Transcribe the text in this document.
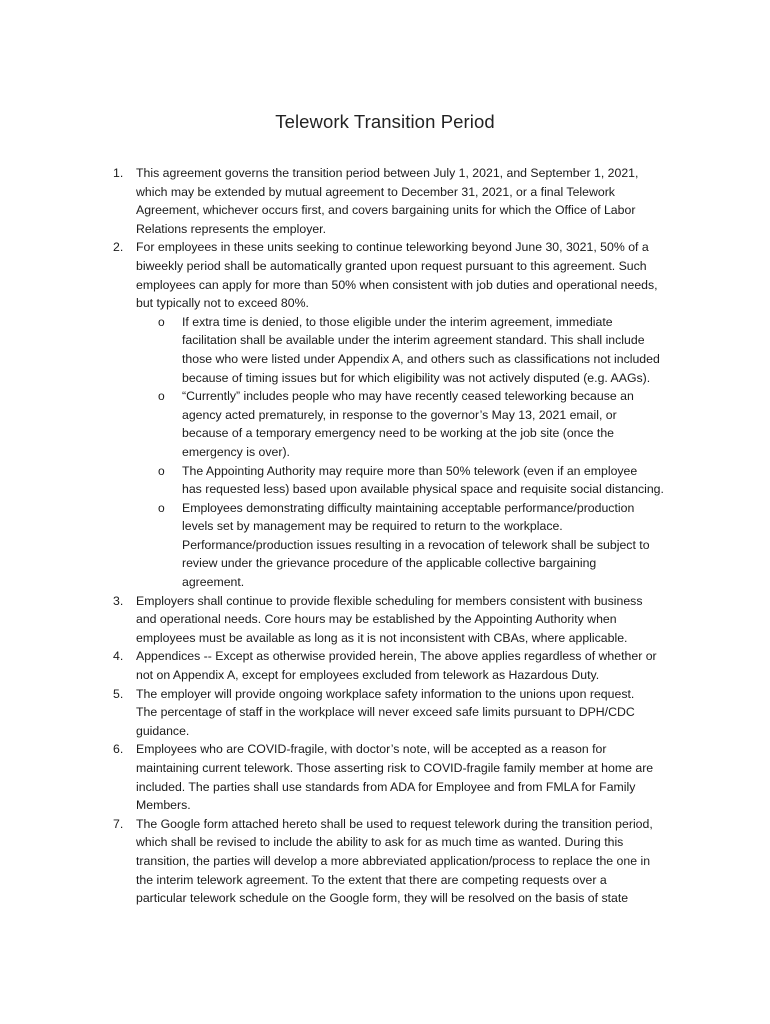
Telework Transition Period
1. This agreement governs the transition period between July 1, 2021, and September 1, 2021,
which may be extended by mutual agreement to December 31, 2021, or a final Telework
Agreement, whichever occurs first, and covers bargaining units for which the Office of Labor
Relations represents the employer.
2. For employees in these units seeking to continue teleworking beyond June 30, 3021, 50% of a
biweekly period shall be automatically granted upon request pursuant to this agreement. Such
employees can apply for more than 50% when consistent with job duties and operational needs,
but typically not to exceed 80%.
o If extra time is denied, to those eligible under the interim agreement, immediate
facilitation shall be available under the interim agreement standard. This shall include
those who were listed under Appendix A, and others such as classifications not included
because of timing issues but for which eligibility was not actively disputed (e.g. AAGs).
o “Currently” includes people who may have recently ceased teleworking because an
agency acted prematurely, in response to the governor’s May 13, 2021 email, or
because of a temporary emergency need to be working at the job site (once the
emergency is over).
o The Appointing Authority may require more than 50% telework (even if an employee
has requested less) based upon available physical space and requisite social distancing.
o Employees demonstrating difficulty maintaining acceptable performance/production
levels set by management may be required to return to the workplace.
Performance/production issues resulting in a revocation of telework shall be subject to
review under the grievance procedure of the applicable collective bargaining
agreement.
3. Employers shall continue to provide flexible scheduling for members consistent with business
and operational needs. Core hours may be established by the Appointing Authority when
employees must be available as long as it is not inconsistent with CBAs, where applicable.
4. Appendices -- Except as otherwise provided herein, The above applies regardless of whether or
not on Appendix A, except for employees excluded from telework as Hazardous Duty.
5. The employer will provide ongoing workplace safety information to the unions upon request.
The percentage of staff in the workplace will never exceed safe limits pursuant to DPH/CDC
guidance.
6. Employees who are COVID-fragile, with doctor’s note, will be accepted as a reason for
maintaining current telework. Those asserting risk to COVID-fragile family member at home are
included. The parties shall use standards from ADA for Employee and from FMLA for Family
Members.
7. The Google form attached hereto shall be used to request telework during the transition period,
which shall be revised to include the ability to ask for as much time as wanted. During this
transition, the parties will develop a more abbreviated application/process to replace the one in
the interim telework agreement. To the extent that there are competing requests over a
particular telework schedule on the Google form, they will be resolved on the basis of state
